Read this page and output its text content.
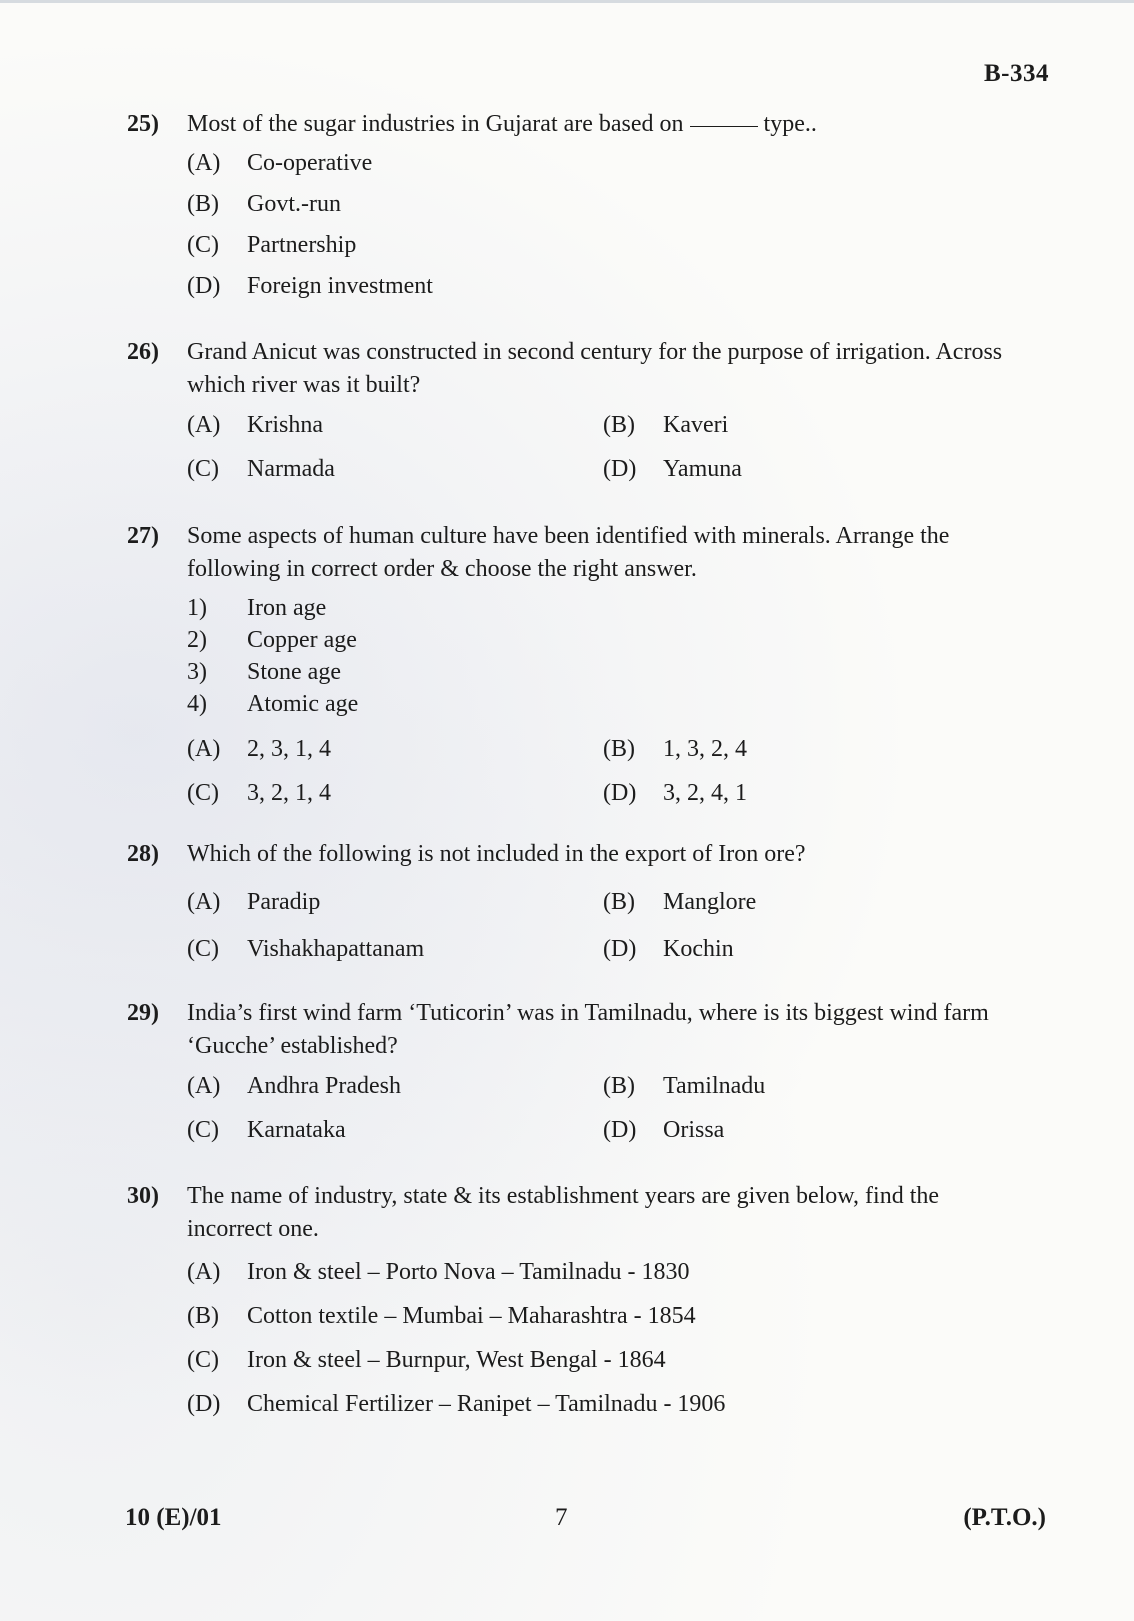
B-334
25) Most of the sugar industries in Gujarat are based on	type..
(A)	Co-operative
(B)	Govt.-run
(C)	Partnership
(D)	Foreign investment
26) Grand Anicut was constructed in second century for the purpose of irrigation. Across which river was it built?
(A)	Krishna	(B)	Kaveri
(C)	Narmada	(D)	Yamuna
27) Some aspects of human culture have been identified with minerals. Arrange the following in correct order & choose the right answer.
1)	Iron age
2)	Copper age
3)	Stone age
4)	Atomic age
(A)	2, 3, 1, 4	(B)	1, 3, 2, 4
(C)	3, 2, 1, 4	(D)	3, 2, 4, 1
28) Which of the following is not included in the export of Iron ore?
(A)	Paradip	(B)	Manglore
(C)	Vishakhapattanam	(D)	Kochin
29) India’s first wind farm ‘Tuticorin’ was in Tamilnadu, where is its biggest wind farm ‘Gucche’ established?
(A)	Andhra Pradesh	(B)	Tamilnadu
(C)	Karnataka	(D)	Orissa
30) The name of industry, state & its establishment years are given below, find the incorrect one.
(A)	Iron & steel – Porto Nova – Tamilnadu - 1830
(B)	Cotton textile – Mumbai – Maharashtra - 1854
(C)	Iron & steel – Burnpur, West Bengal - 1864
(D)	Chemical Fertilizer – Ranipet – Tamilnadu - 1906
10 (E)/01	7	(P.T.O.)
